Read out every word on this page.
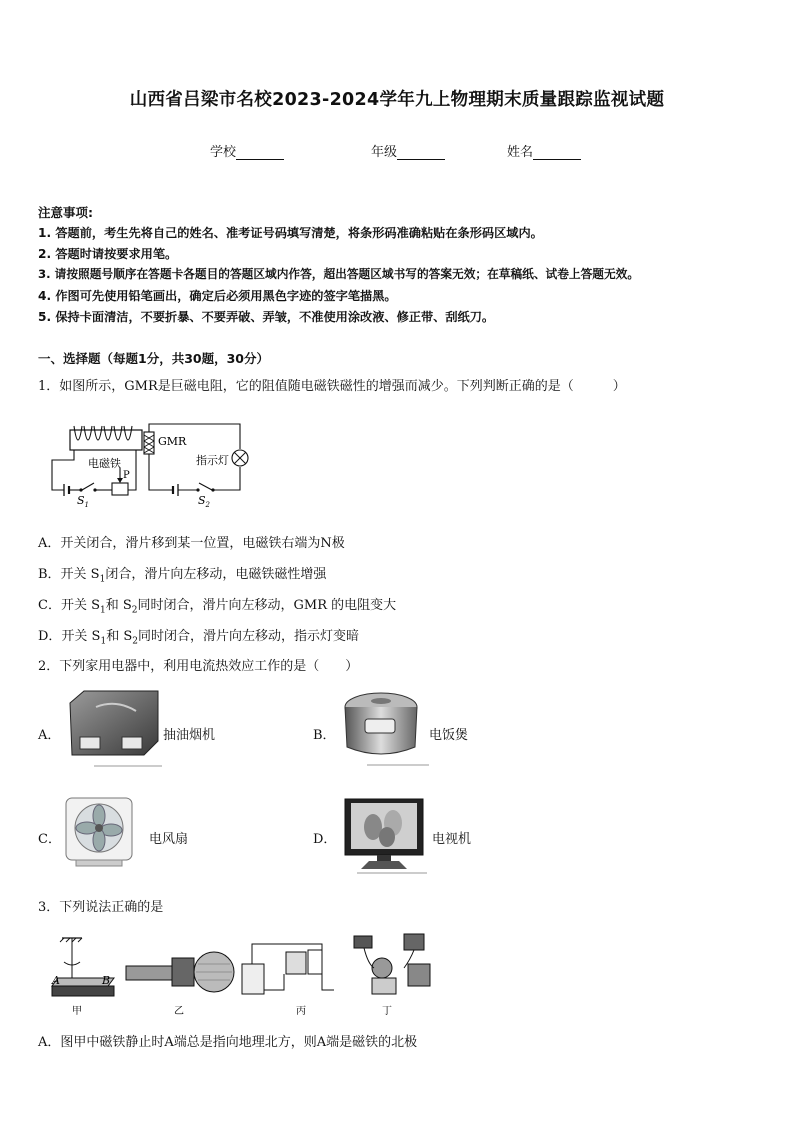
山西省吕梁市名校2023-2024学年九上物理期末质量跟踪监视试题
学校	年级	姓名
注意事项:
1. 答题前，考生先将自己的姓名、准考证号码填写清楚，将条形码准确粘贴在条形码区域内。
2. 答题时请按要求用笔。
3. 请按照题号顺序在答题卡各题目的答题区域内作答，超出答题区域书写的答案无效；在草稿纸、试卷上答题无效。
4. 作图可先使用铅笔画出，确定后必须用黑色字迹的签字笔描黑。
5. 保持卡面清洁，不要折暴、不要弄破、弄皱，不准使用涂改液、修正带、刮纸刀。
一、选择题（每题1分，共30题，30分）
1．如图所示，GMR是巨磁电阻，它的阻值随电磁铁磁性的增强而减少。下列判断正确的是（　　　）
电磁铁
P
$S_1$
GMR
指示灯
$S_2$
A．开关闭合，滑片移到某一位置，电磁铁右端为N极
B．开关 $S_1$闭合，滑片向左移动，电磁铁磁性增强
C．开关 $S_1$和 $S_2$同时闭合，滑片向左移动，GMR 的电阻变大
D．开关 $S_1$和 $S_2$同时闭合，滑片向左移动，指示灯变暗
2．下列家用电器中，利用电流热效应工作的是（　　）
A．	抽油烟机	B．	电饭煲
C．	电风扇	D．	电视机
3．下列说法正确的是
A	B
甲	乙	丙	丁
A．图甲中磁铁静止时A端总是指向地理北方，则A端是磁铁的北极
